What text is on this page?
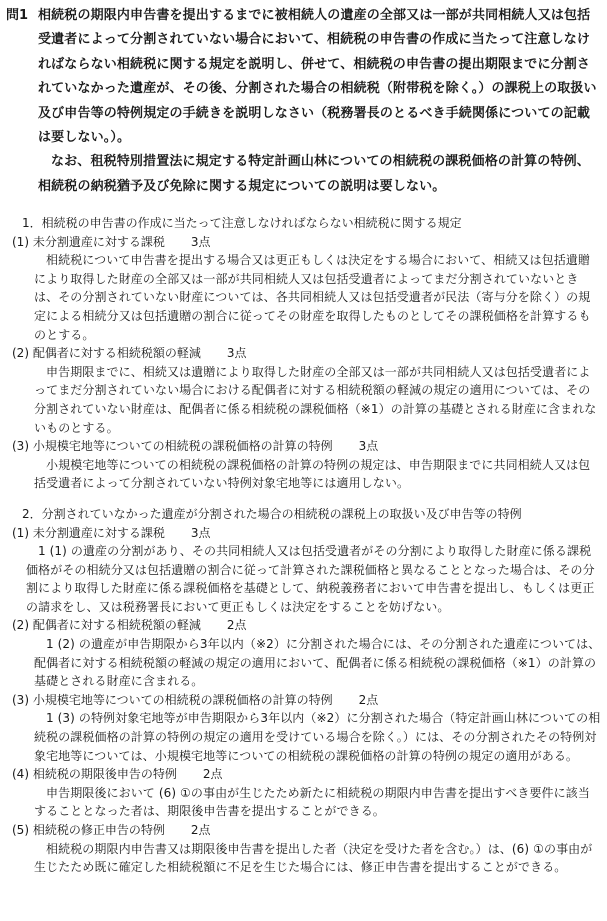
問1 相続税の期限内申告書を提出するまでに被相続人の遺産の全部又は一部が共同相続人又は包括受遺者によって分割されていない場合において、相続税の申告書の作成に当たって注意しなければならない相続税に関する規定を説明し、併せて、相続税の申告書の提出期限までに分割されていなかった遺産が、その後、分割された場合の相続税（附帯税を除く。）の課税上の取扱い及び申告等の特例規定の手続きを説明しなさい（税務署長のとるべき手続関係についての記載は要しない。）。
なお、租税特別措置法に規定する特定計画山林についての相続税の課税価格の計算の特例、相続税の納税猶予及び免除に関する規定についての説明は要しない。

1．相続税の申告書の作成に当たって注意しなければならない相続税に関する規定

(1) 未分割遺産に対する課税 3点

相続税について申告書を提出する場合又は更正もしくは決定をする場合において、相続又は包括遺贈により取得した財産の全部又は一部が共同相続人又は包括受遺者によってまだ分割されていないときは、その分割されていない財産については、各共同相続人又は包括受遺者が民法（寄与分を除く）の規定による相続分又は包括遺贈の割合に従ってその財産を取得したものとしてその課税価格を計算するものとする。

(2) 配偶者に対する相続税額の軽減 3点

申告期限までに、相続又は遺贈により取得した財産の全部又は一部が共同相続人又は包括受遺者によってまだ分割されていない場合における配偶者に対する相続税額の軽減の規定の適用については、その分割されていない財産は、配偶者に係る相続税の課税価格（※1）の計算の基礎とされる財産に含まれないものとする。

(3) 小規模宅地等についての相続税の課税価格の計算の特例 3点

小規模宅地等についての相続税の課税価格の計算の特例の規定は、申告期限までに共同相続人又は包括受遺者によって分割されていない特例対象宅地等には適用しない。

2．分割されていなかった遺産が分割された場合の相続税の課税上の取扱い及び申告等の特例

(1) 未分割遺産に対する課税 3点

1 (1) の遺産の分割があり、その共同相続人又は包括受遺者がその分割により取得した財産に係る課税価格がその相続分又は包括遺贈の割合に従って計算された課税価格と異なることとなった場合は、その分割により取得した財産に係る課税価格を基礎として、納税義務者において申告書を提出し、もしくは更正の請求をし、又は税務署長において更正もしくは決定をすることを妨げない。

(2) 配偶者に対する相続税額の軽減 2点

1 (2) の遺産が申告期限から3年以内（※2）に分割された場合には、その分割された遺産については、配偶者に対する相続税額の軽減の規定の適用において、配偶者に係る相続税の課税価格（※1）の計算の基礎とされる財産に含まれる。

(3) 小規模宅地等についての相続税の課税価格の計算の特例 2点

1 (3) の特例対象宅地等が申告期限から3年以内（※2）に分割された場合（特定計画山林についての相続税の課税価格の計算の特例の規定の適用を受けている場合を除く。）には、その分割されたその特例対象宅地等については、小規模宅地等についての相続税の課税価格の計算の特例の規定の適用がある。

(4) 相続税の期限後申告の特例 2点

申告期限後において (6) ①の事由が生じたため新たに相続税の期限内申告書を提出すべき要件に該当することとなった者は、期限後申告書を提出することができる。

(5) 相続税の修正申告の特例 2点

相続税の期限内申告書又は期限後申告書を提出した者（決定を受けた者を含む。）は、(6) ①の事由が生じたため既に確定した相続税額に不足を生じた場合には、修正申告書を提出することができる。
